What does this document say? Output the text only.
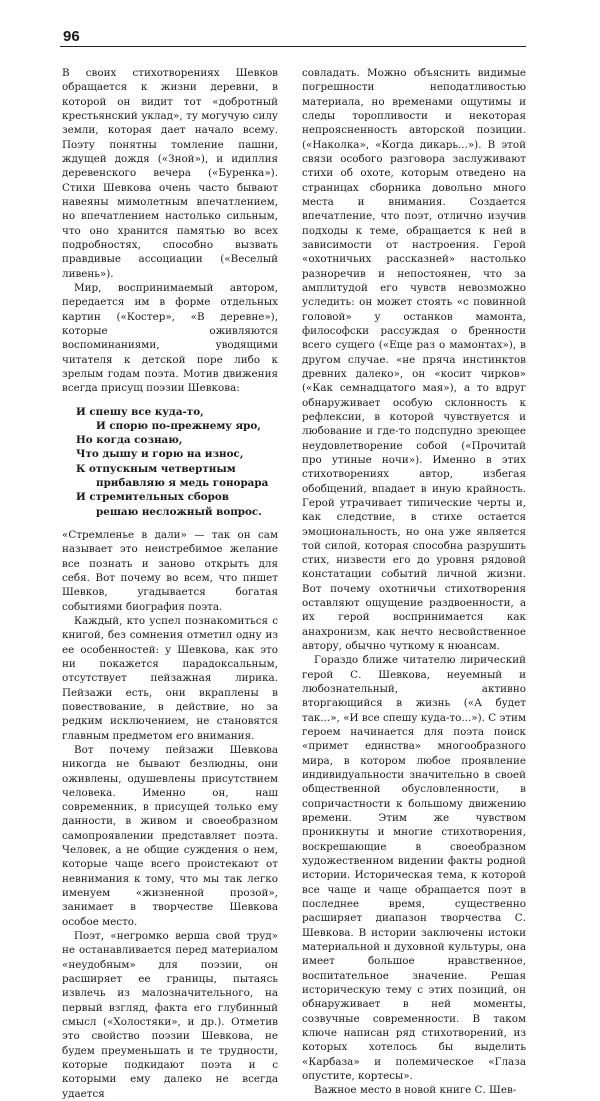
96

В своих стихотворениях Шевков обращается к жизни деревни, в которой он видит тот «добротный крестьянский уклад», ту могучую силу земли, которая дает начало всему. Поэту понятны томление пашни, ждущей дождя («Зной»), и идиллия деревенского вечера («Буренка»). Стихи Шевкова очень часто бывают навеяны мимолетным впечатлением, но впечатлением настолько сильным, что оно хранится памятью во всех подробностях, способно вызвать правдивые ассоциации («Веселый ливень»).

Мир, воспринимаемый автором, передается им в форме отдельных картин («Костер», «В деревне»), которые оживляются воспоминаниями, уводящими читателя к детской поре либо к зрелым годам поэта. Мотив движения всегда присущ поэзии Шевкова:

И спешу все куда-то,
И спорю по-прежнему яро,
Но когда сознаю,
Что дышу и горю на износ,
К отпускным четвертным
прибавляю я медь гонорара
И стремительных сборов
решаю несложный вопрос.

«Стремленье в дали» — так он сам называет это неистребимое желание все познать и заново открыть для себя. Вот почему во всем, что пишет Шевков, угадывается богатая событиями биография поэта.

Каждый, кто успел познакомиться с книгой, без сомнения отметил одну из ее особенностей: у Шевкова, как это ни покажется парадоксальным, отсутствует пейзажная лирика. Пейзажи есть, они вкраплены в повествование, в действие, но за редким исключением, не становятся главным предметом его внимания.

Вот почему пейзажи Шевкова никогда не бывают безлюдны, они оживлены, одушевлены присутствием человека. Именно он, наш современник, в присущей только ему данности, в живом и своеобразном самопроявлении представляет поэта. Человек, а не общие суждения о нем, которые чаще всего проистекают от невнимания к тому, что мы так легко именуем «жизненной прозой», занимает в творчестве Шевкова особое место.

Поэт, «негромко верша свой труд» не останавливается перед материалом «неудобным» для поэзии, он расширяет ее границы, пытаясь извлечь из малозначительного, на первый взгляд, факта его глубинный смысл («Холостяки», и др.). Отметив это свойство поэзии Шевкова, не будем преуменьшать и те трудности, которые подкидают поэта и с которыми ему далеко не всегда удается

совладать. Можно объяснить видимые погрешности неподатливостью материала, но временами ощутимы и следы торопливости и некоторая непроясненность авторской позиции. («Наколка», «Когда дикарь...»). В этой связи особого разговора заслуживают стихи об охоте, которым отведено на страницах сборника довольно много места и внимания. Создается впечатление, что поэт, отлично изучив подходы к теме, обращается к ней в зависимости от настроения. Герой «охотничьих рассказней» настолько разноречив и непостоянен, что за амплитудой его чувств невозможно уследить: он может стоять «с повинной головой» у останков мамонта, философски рассуждая о бренности всего сущего («Еще раз о мамонтах»), в другом случае. «не пряча инстинктов древних далеко», он «косит чирков» («Как семнадцатого мая»), а то вдруг обнаруживает особую склонность к рефлексии, в которой чувствуется и любование и где-то подспудно зреющее неудовлетворение собой («Прочитай про утиные ночи»). Именно в этих стихотворениях автор, избегая обобщений, впадает в иную крайность. Герой утрачивает типические черты и, как следствие, в стихе остается эмоциональность, но она уже является той силой, которая способна разрушить стих, низвести его до уровня рядовой констатации событий личной жизни. Вот почему охотничьи стихотворения оставляют ощущение раздвоенности, а их герой воспринимается как анахронизм, как нечто несвойственное автору, обычно чуткому к нюансам.

Гораздо ближе читателю лирический герой С. Шевкова, неуемный и любознательный, активно вторгающийся в жизнь («А будет так...», «И все спешу куда-то...»). С этим героем начинается для поэта поиск «примет единства» многообразного мира, в котором любое проявление индивидуальности значительно в своей общественной обусловленности, в сопричастности к большому движению времени. Этим же чувством проникнуты и многие стихотворения, воскрешающие в своеобразном художественном видении факты родной истории. Историческая тема, к которой все чаще и чаще обращается поэт в последнее время, существенно расширяет диапазон творчества С. Шевкова. В истории заключены истоки материальной и духовной культуры, она имеет большое нравственное, воспитательное значение. Решая историческую тему с этих позиций, он обнаруживает в ней моменты, созвучные современности. В таком ключе написан ряд стихотворений, из которых хотелось бы выделить «Карбаза» и полемическое «Глаза опустите, кортесы».

Важное место в новой книге С. Шев-
